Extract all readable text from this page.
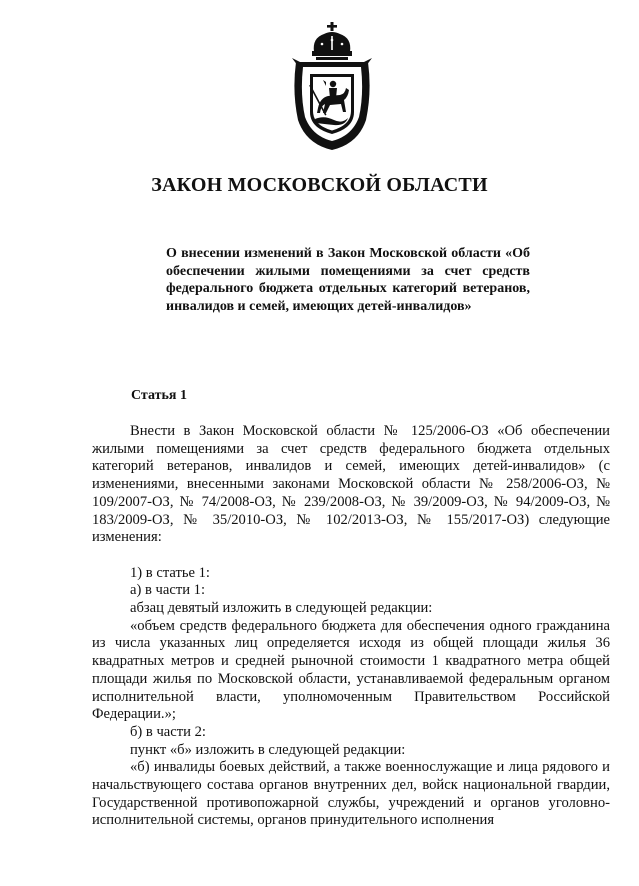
ЗАКОН МОСКОВСКОЙ ОБЛАСТИ
О внесении изменений в Закон Московской области «Об обеспечении жилыми помещениями за счет средств федерального бюджета отдельных категорий ветеранов, инвалидов и семей, имеющих детей-инвалидов»
Статья 1

Внести в Закон Московской области № 125/2006-ОЗ «Об обеспечении жилыми помещениями за счет средств федерального бюджета отдельных категорий ветеранов, инвалидов и семей, имеющих детей-инвалидов» (с изменениями, внесенными законами Московской области № 258/2006-ОЗ, № 109/2007-ОЗ, № 74/2008-ОЗ, № 239/2008-ОЗ, № 39/2009-ОЗ, № 94/2009-ОЗ, № 183/2009-ОЗ, № 35/2010-ОЗ, № 102/2013-ОЗ, № 155/2017-ОЗ) следующие изменения:

1) в статье 1:

а) в части 1:

абзац девятый изложить в следующей редакции:

«объем средств федерального бюджета для обеспечения одного гражданина из числа указанных лиц определяется исходя из общей площади жилья 36 квадратных метров и средней рыночной стоимости 1 квадратного метра общей площади жилья по Московской области, устанавливаемой федеральным органом исполнительной власти, уполномоченным Правительством Российской Федерации.»;

б) в части 2:

пункт «б» изложить в следующей редакции:

«б) инвалиды боевых действий, а также военнослужащие и лица рядового и начальствующего состава органов внутренних дел, войск национальной гвардии, Государственной противопожарной службы, учреждений и органов уголовно-исполнительной системы, органов принудительного исполнения
